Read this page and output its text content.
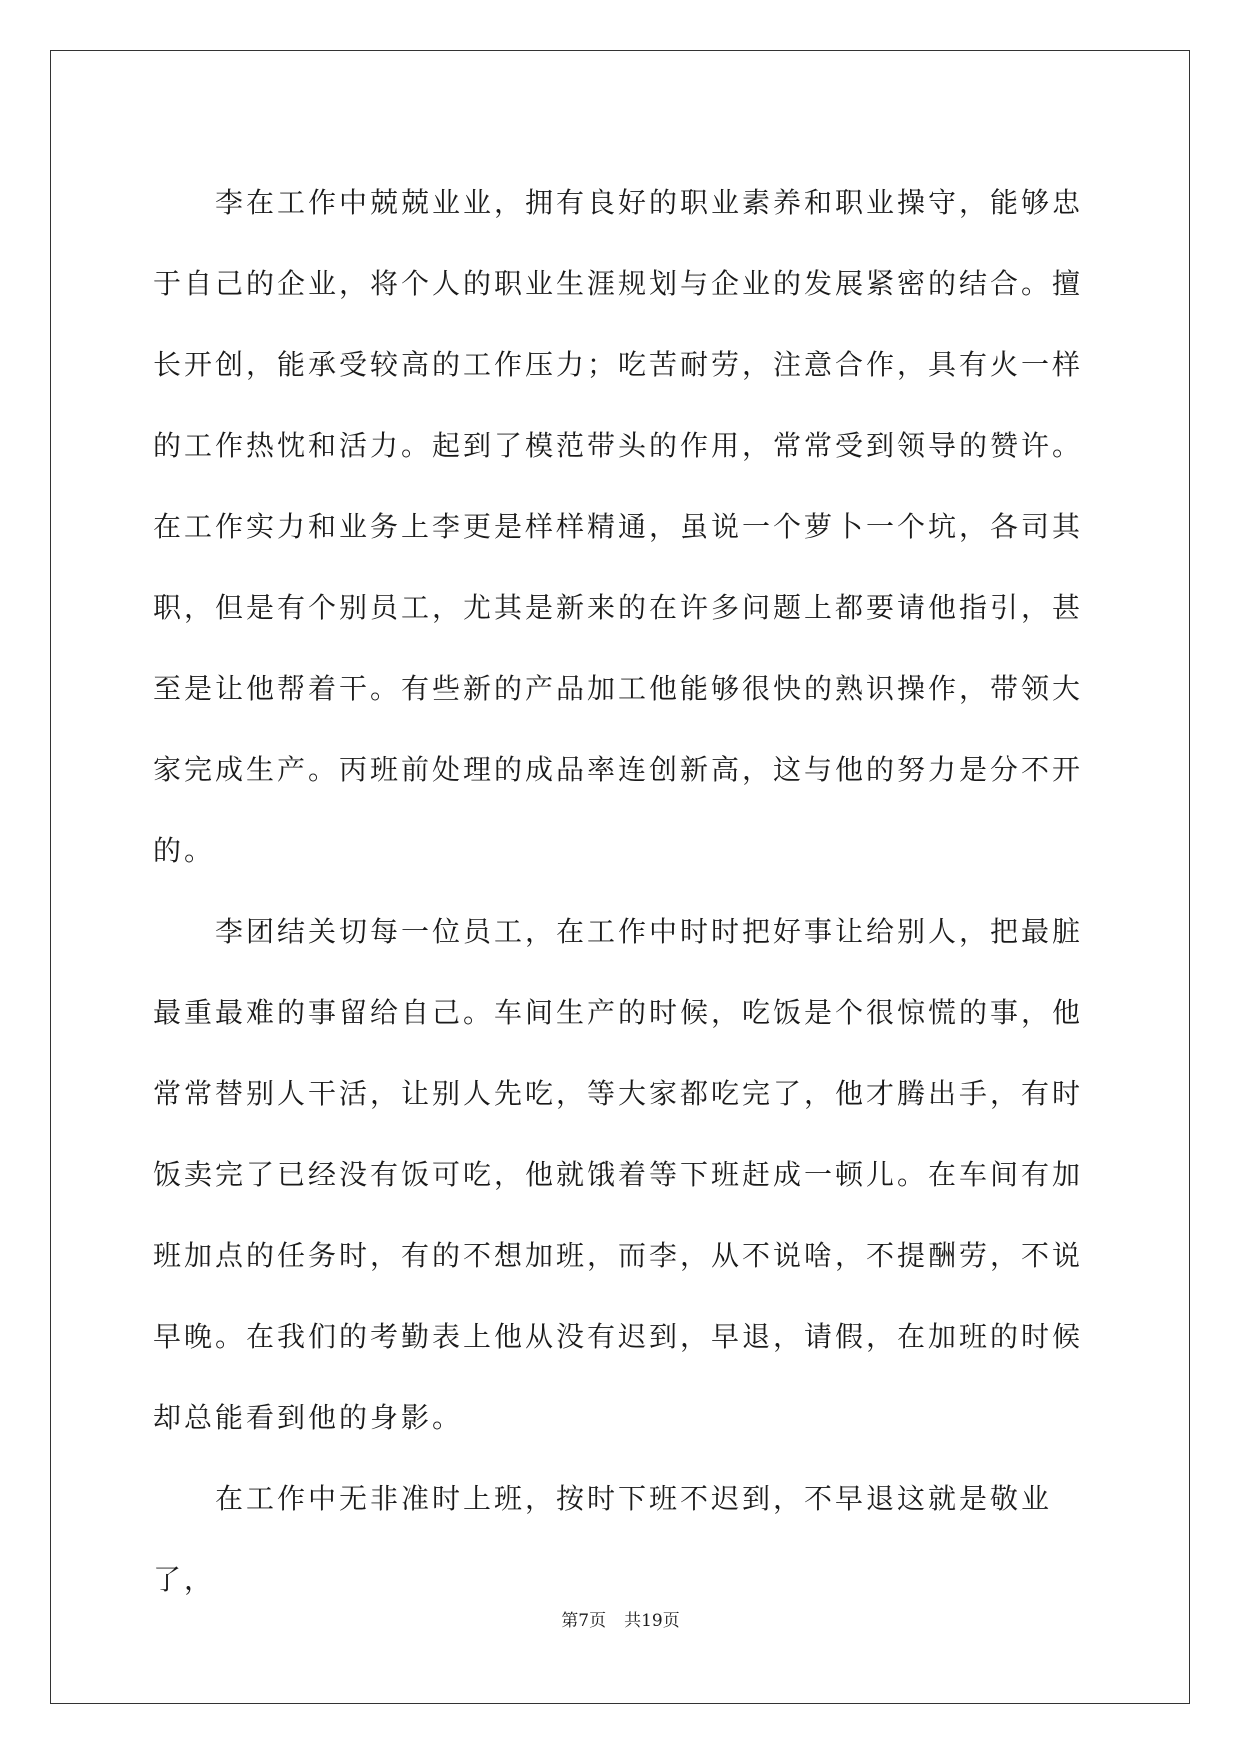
李在工作中兢兢业业，拥有良好的职业素养和职业操守，能够忠于自己的企业，将个人的职业生涯规划与企业的发展紧密的结合。擅长开创，能承受较高的工作压力；吃苦耐劳，注意合作，具有火一样的工作热忱和活力。起到了模范带头的作用，常常受到领导的赞许。在工作实力和业务上李更是样样精通，虽说一个萝卜一个坑，各司其职，但是有个别员工，尤其是新来的在许多问题上都要请他指引，甚至是让他帮着干。有些新的产品加工他能够很快的熟识操作，带领大家完成生产。丙班前处理的成品率连创新高，这与他的努力是分不开的。

李团结关切每一位员工，在工作中时时把好事让给别人，把最脏最重最难的事留给自己。车间生产的时候，吃饭是个很惊慌的事，他常常替别人干活，让别人先吃，等大家都吃完了，他才腾出手，有时饭卖完了已经没有饭可吃，他就饿着等下班赶成一顿儿。在车间有加班加点的任务时，有的不想加班，而李，从不说啥，不提酬劳，不说早晚。在我们的考勤表上他从没有迟到，早退，请假，在加班的时候却总能看到他的身影。

在工作中无非准时上班，按时下班不迟到，不早退这就是敬业了，

第7页 共19页
